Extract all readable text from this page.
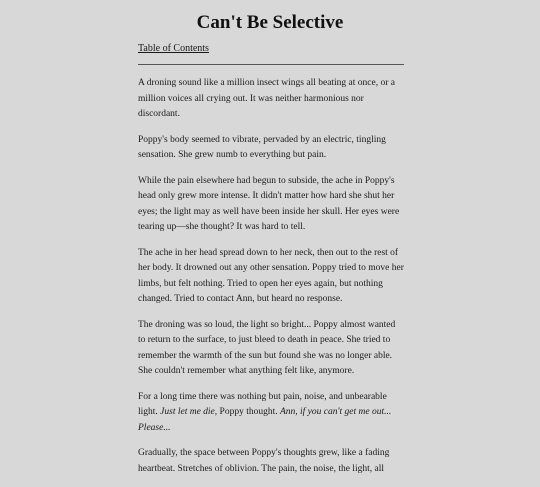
Can't Be Selective
Table of Contents

A droning sound like a million insect wings all beating at once, or a million voices all crying out. It was neither harmonious nor discordant.

Poppy's body seemed to vibrate, pervaded by an electric, tingling sensation. She grew numb to everything but pain.

While the pain elsewhere had begun to subside, the ache in Poppy's head only grew more intense. It didn't matter how hard she shut her eyes; the light may as well have been inside her skull. Her eyes were tearing up—she thought? It was hard to tell.

The ache in her head spread down to her neck, then out to the rest of her body. It drowned out any other sensation. Poppy tried to move her limbs, but felt nothing. Tried to open her eyes again, but nothing changed. Tried to contact Ann, but heard no response.

The droning was so loud, the light so bright... Poppy almost wanted to return to the surface, to just bleed to death in peace. She tried to remember the warmth of the sun but found she was no longer able. She couldn't remember what anything felt like, anymore.

For a long time there was nothing but pain, noise, and unbearable light. Just let me die, Poppy thought. Ann, if you can't get me out... Please...

Gradually, the space between Poppy's thoughts grew, like a fading heartbeat. Stretches of oblivion. The pain, the noise, the light, all
